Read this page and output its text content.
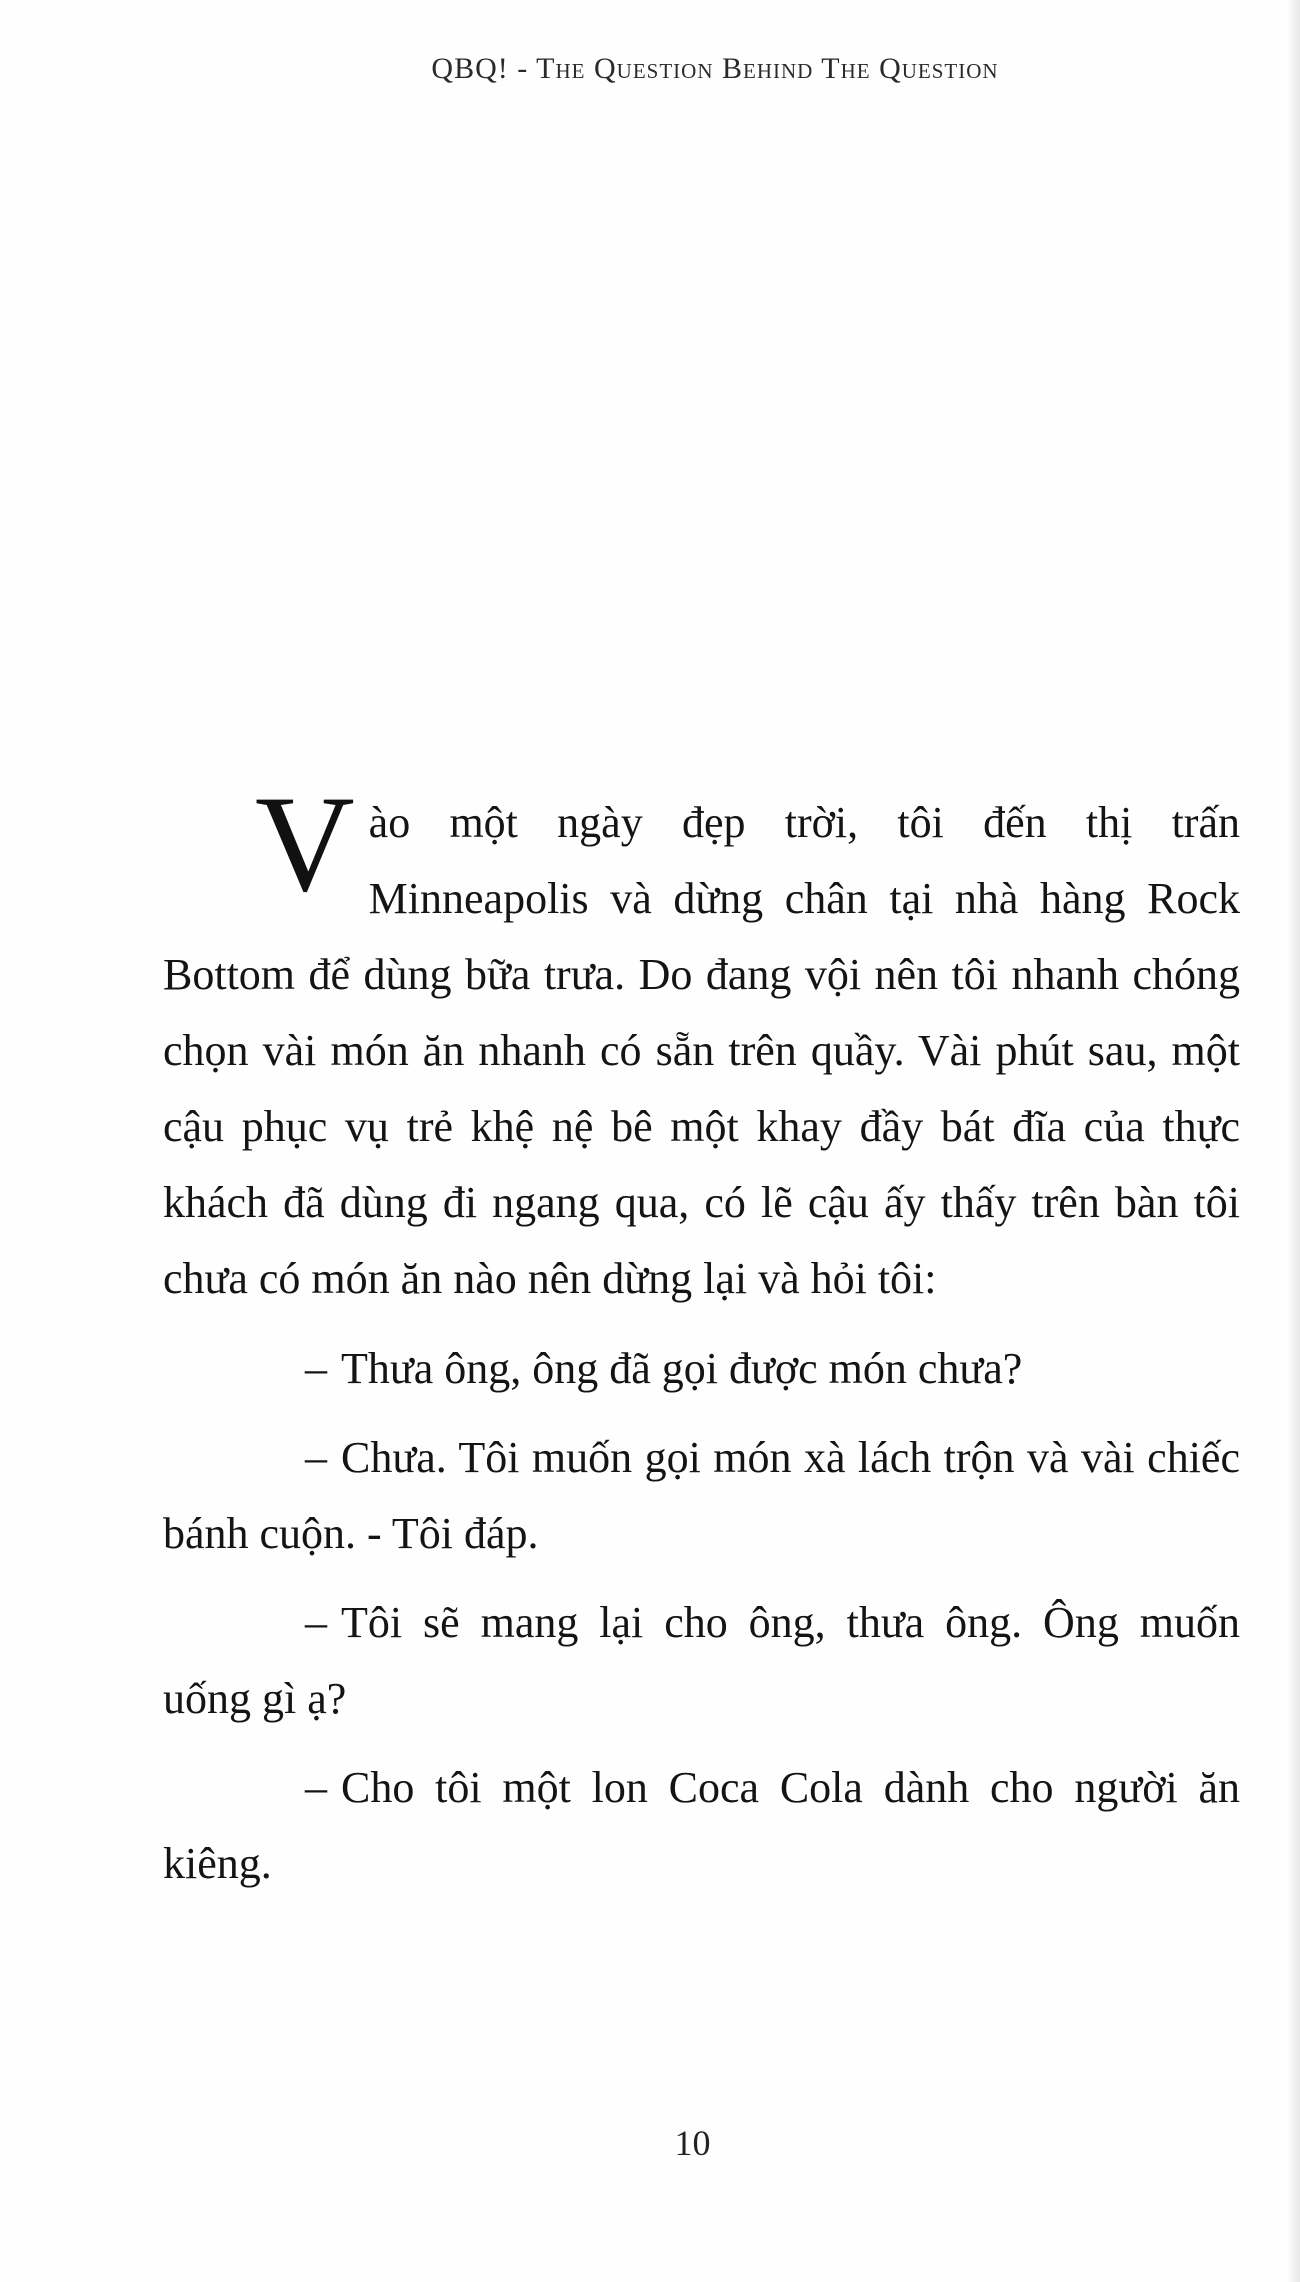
QBQ! - The Question Behind The Question

Vào một ngày đẹp trời, tôi đến thị trấn Minneapolis và dừng chân tại nhà hàng Rock Bottom để dùng bữa trưa. Do đang vội nên tôi nhanh chóng chọn vài món ăn nhanh có sẵn trên quầy. Vài phút sau, một cậu phục vụ trẻ khệ nệ bê một khay đầy bát đĩa của thực khách đã dùng đi ngang qua, có lẽ cậu ấy thấy trên bàn tôi chưa có món ăn nào nên dừng lại và hỏi tôi:

– Thưa ông, ông đã gọi được món chưa?

– Chưa. Tôi muốn gọi món xà lách trộn và vài chiếc bánh cuộn. - Tôi đáp.

– Tôi sẽ mang lại cho ông, thưa ông. Ông muốn uống gì ạ?

– Cho tôi một lon Coca Cola dành cho người ăn kiêng.

10
